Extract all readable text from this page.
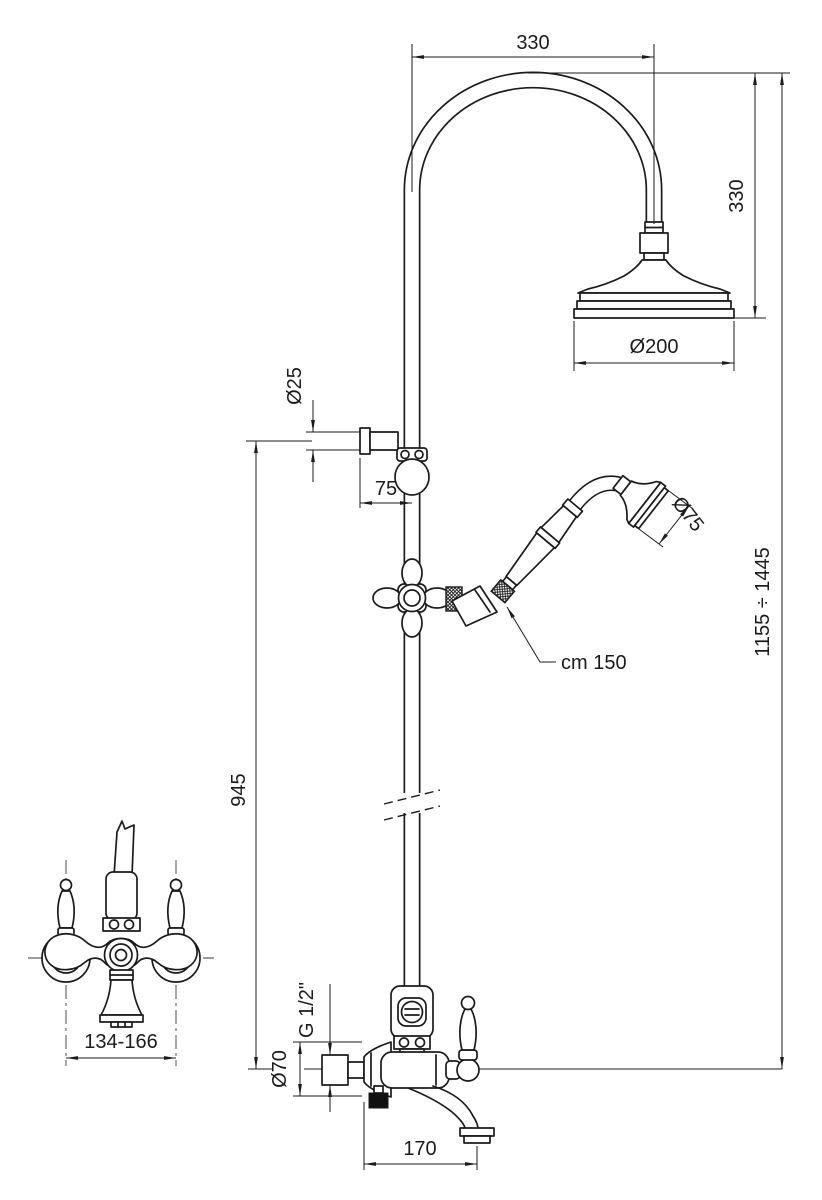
134-166
330
330
1155 ÷ 1445
Ø200
Ø25
75
945
Ø75
cm 150
G 1/2"
Ø70
170
